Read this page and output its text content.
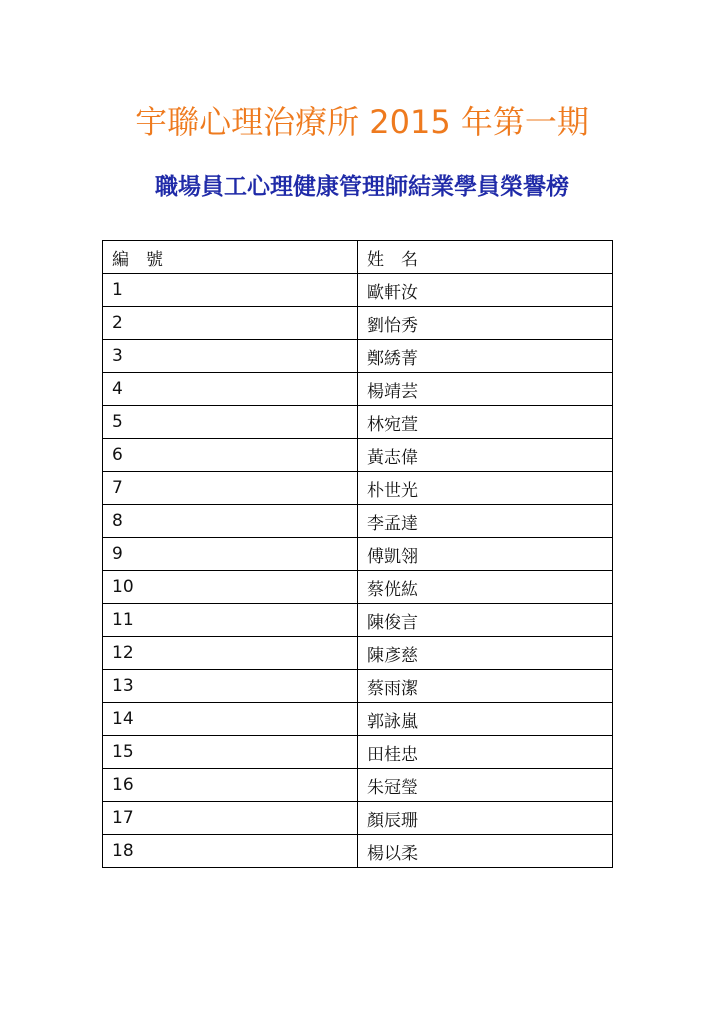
宇聯心理治療所 2015 年第一期
職場員工心理健康管理師結業學員榮譽榜
編　號	姓　名
1	歐軒汝
2	劉怡秀
3	鄭綉菁
4	楊靖芸
5	林宛萱
6	黃志偉
7	朴世光
8	李孟達
9	傅凱翎
10	蔡侊紘
11	陳俊言
12	陳彥慈
13	蔡雨潔
14	郭詠嵐
15	田桂忠
16	朱冠瑩
17	顏辰珊
18	楊以柔
